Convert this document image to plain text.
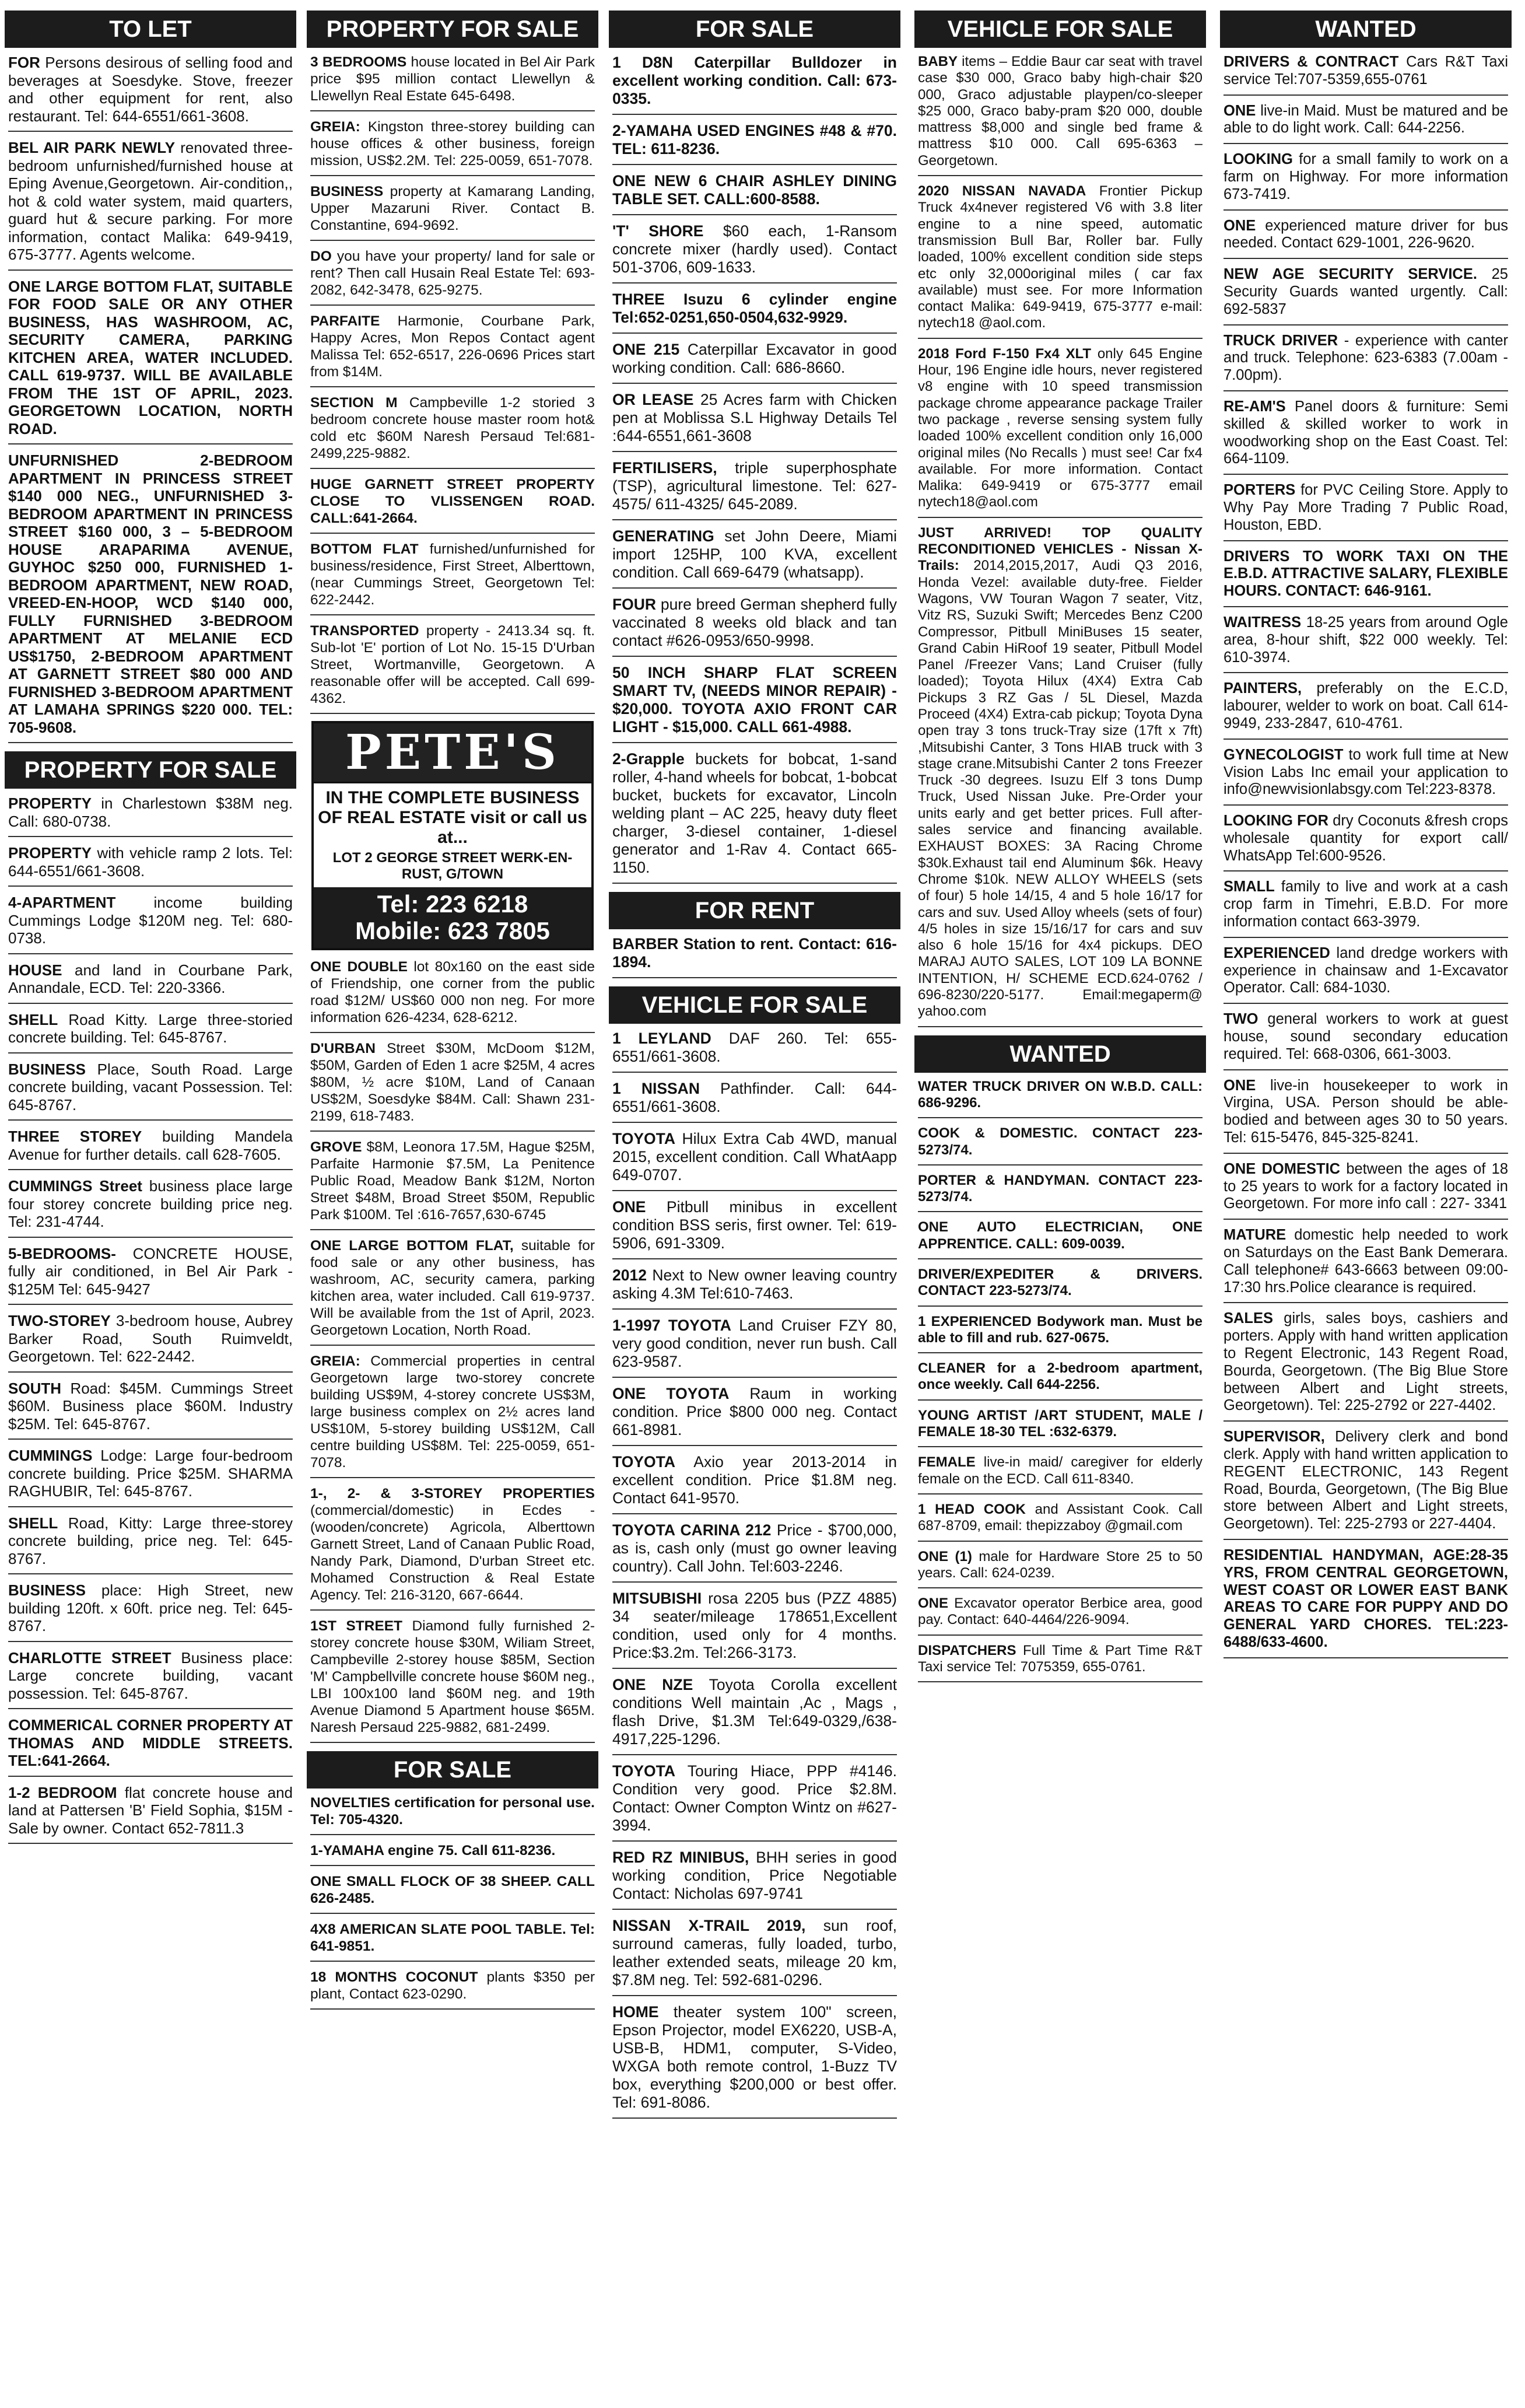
TO LET
FOR Persons desirous of selling food and beverages at Soesdyke. Stove, freezer and other equipment for rent, also restaurant. Tel: 644-6551/661-3608.
BEL AIR PARK NEWLY renovated three-bedroom unfurnished/furnished house at Eping Avenue,Georgetown. Air-condition,, hot & cold water system, maid quarters, guard hut & secure parking. For more information, contact Malika: 649-9419, 675-3777. Agents welcome.
ONE LARGE BOTTOM FLAT, SUITABLE FOR FOOD SALE OR ANY OTHER BUSINESS, HAS WASHROOM, AC, SECURITY CAMERA, PARKING KITCHEN AREA, WATER INCLUDED. CALL 619-9737. WILL BE AVAILABLE FROM THE 1ST OF APRIL, 2023. GEORGETOWN LOCATION, NORTH ROAD.
UNFURNISHED 2-BEDROOM APARTMENT IN PRINCESS STREET $140 000 NEG., UNFURNISHED 3-BEDROOM APARTMENT IN PRINCESS STREET $160 000, 3 – 5-BEDROOM HOUSE ARAPARIMA AVENUE, GUYHOC $250 000, FURNISHED 1-BEDROOM APARTMENT, NEW ROAD, VREED-EN-HOOP, WCD $140 000, FULLY FURNISHED 3-BEDROOM APARTMENT AT MELANIE ECD US$1750, 2-BEDROOM APARTMENT AT GARNETT STREET $80 000 AND FURNISHED 3-BEDROOM APARTMENT AT LAMAHA SPRINGS $220 000. TEL: 705-9608.
PROPERTY FOR SALE
PROPERTY in Charlestown $38M neg. Call: 680-0738.
PROPERTY with vehicle ramp 2 lots. Tel: 644-6551/661-3608.
4-APARTMENT	income building Cummings Lodge $120M neg. Tel: 680-0738.
HOUSE and land in Courbane Park, Annandale, ECD. Tel: 220-3366.
SHELL Road Kitty. Large three-storied concrete building. Tel: 645-8767.
BUSINESS Place, South Road. Large concrete building, vacant Possession. Tel: 645-8767.
THREE STOREY building Mandela Avenue for further details. call 628-7605.
CUMMINGS Street business place large four storey concrete building price neg. Tel: 231-4744.
5-BEDROOMS- CONCRETE HOUSE, fully air conditioned, in Bel Air Park - $125M Tel: 645-9427
TWO-STOREY 3-bedroom house, Aubrey Barker Road, South Ruimveldt, Georgetown. Tel: 622-2442.
SOUTH Road: $45M. Cummings Street $60M. Business place $60M. Industry $25M. Tel: 645-8767.
CUMMINGS Lodge: Large four-bedroom concrete building. Price $25M. SHARMA RAGHUBIR, Tel: 645-8767.
SHELL Road, Kitty: Large three-storey concrete building, price neg. Tel: 645-8767.
BUSINESS place: High Street, new building 120ft. x 60ft. price neg. Tel: 645-8767.
CHARLOTTE STREET Business place: Large concrete building, vacant possession. Tel: 645-8767.
COMMERICAL CORNER PROPERTY AT THOMAS AND MIDDLE STREETS. TEL:641-2664.
1-2 BEDROOM flat concrete house and land at Pattersen 'B' Field Sophia, $15M - Sale by owner. Contact 652-7811.3
PROPERTY FOR SALE
3 BEDROOMS house located in Bel Air Park price $95 million contact Llewellyn & Llewellyn Real Estate 645-6498.
GREIA: Kingston three-storey building can house offices & other business, foreign mission, US$2.2M. Tel: 225-0059, 651-7078.
BUSINESS property at Kamarang Landing, Upper Mazaruni River. Contact B. Constantine, 694-9692.
DO you have your property/ land for sale or rent? Then call Husain Real Estate Tel: 693-2082, 642-3478, 625-9275.
PARFAITE Harmonie, Courbane Park, Happy Acres, Mon Repos Contact agent Malissa Tel: 652-6517, 226-0696 Prices start from $14M.
SECTION M Campbeville 1-2 storied 3 bedroom concrete house master room hot& cold etc $60M Naresh Persaud Tel:681-2499,225-9882.
HUGE GARNETT STREET PROPERTY CLOSE TO VLISSENGEN ROAD. CALL:641-2664.
BOTTOM FLAT furnished/unfurnished for business/residence, First Street, Alberttown, (near Cummings Street, Georgetown Tel: 622-2442.
TRANSPORTED property - 2413.34 sq. ft. Sub-lot 'E' portion of Lot No. 15-15 D'Urban Street, Wortmanville, Georgetown. A reasonable offer will be accepted. Call 699-4362.
PETE'S
IN THE COMPLETE BUSINESS OF REAL ESTATE visit or call us at...
LOT 2 GEORGE STREET WERK-EN-RUST, G/TOWN
Tel: 223 6218
Mobile: 623 7805
ONE DOUBLE lot 80x160 on the east side of Friendship, one corner from the public road $12M/ US$60 000 non neg. For more information 626-4234, 628-6212.
D'URBAN Street $30M, McDoom $12M, $50M, Garden of Eden 1 acre $25M, 4 acres $80M, ½ acre $10M, Land of Canaan US$2M, Soesdyke $84M. Call: Shawn 231-2199, 618-7483.
GROVE $8M, Leonora 17.5M, Hague $25M, Parfaite Harmonie $7.5M, La Penitence Public Road, Meadow Bank $12M, Norton Street $48M, Broad Street $50M, Republic Park $100M. Tel :616-7657,630-6745
ONE LARGE BOTTOM FLAT, suitable for food sale or any other business, has washroom, AC, security camera, parking kitchen area, water included. Call 619-9737. Will be available from the 1st of April, 2023. Georgetown Location, North Road.
GREIA: Commercial properties in central Georgetown large two-storey concrete building US$9M, 4-storey concrete US$3M, large business complex on 2½ acres land US$10M, 5-storey building US$12M, Call centre building US$8M. Tel: 225-0059, 651-7078.
1-, 2- & 3-STOREY PROPERTIES (commercial/domestic) in Ecdes - (wooden/concrete) Agricola, Alberttown Garnett Street, Land of Canaan Public Road, Nandy Park, Diamond, D'urban Street etc. Mohamed Construction & Real Estate Agency. Tel: 216-3120, 667-6644.
1ST STREET Diamond fully furnished 2-storey concrete house $30M, Wiliam Street, Campbeville 2-storey house $85M, Section 'M' Campbellville concrete house $60M neg., LBI 100x100 land $60M neg. and 19th Avenue Diamond 5 Apartment house $65M. Naresh Persaud 225-9882, 681-2499.
FOR SALE
NOVELTIES certification for personal use. Tel: 705-4320.
1-YAMAHA engine 75. Call 611-8236.
ONE SMALL FLOCK OF 38 SHEEP. CALL 626-2485.
4X8 AMERICAN SLATE POOL TABLE. Tel: 641-9851.
18 MONTHS COCONUT plants $350 per plant, Contact 623-0290.
FOR SALE
1 D8N Caterpillar Bulldozer in excellent working condition. Call: 673-0335.
2-YAMAHA USED ENGINES #48 & #70. TEL: 611-8236.
ONE NEW 6 CHAIR ASHLEY DINING TABLE SET. CALL:600-8588.
'T' SHORE $60 each, 1-Ransom concrete mixer (hardly used). Contact 501-3706, 609-1633.
THREE Isuzu 6 cylinder engine Tel:652-0251,650-0504,632-9929.
ONE 215 Caterpillar Excavator in good working condition. Call: 686-8660.
OR LEASE 25 Acres farm with Chicken pen at Moblissa S.L Highway Details Tel :644-6551,661-3608
FERTILISERS, triple superphosphate (TSP), agricultural limestone. Tel: 627-4575/ 611-4325/ 645-2089.
GENERATING set John Deere, Miami import 125HP, 100 KVA, excellent condition. Call 669-6479 (whatsapp).
FOUR pure breed German shepherd fully vaccinated 8 weeks old black and tan contact #626-0953/650-9998.
50 INCH SHARP FLAT SCREEN SMART TV, (NEEDS MINOR REPAIR) - $20,000. TOYOTA AXIO FRONT CAR LIGHT - $15,000. CALL 661-4988.
2-Grapple buckets for bobcat, 1-sand roller, 4-hand wheels for bobcat, 1-bobcat bucket, buckets for excavator, Lincoln welding plant – AC 225, heavy duty fleet charger, 3-diesel container, 1-diesel generator and 1-Rav 4. Contact 665-1150.
FOR RENT
BARBER Station to rent. Contact: 616-1894.
VEHICLE FOR SALE
1 LEYLAND DAF 260. Tel: 655-6551/661-3608.
1 NISSAN Pathfinder. Call: 644-6551/661-3608.
TOYOTA Hilux Extra Cab 4WD, manual 2015, excellent condition. Call WhatAapp 649-0707.
ONE Pitbull minibus in excellent condition BSS seris, first owner. Tel: 619-5906, 691-3309.
2012 Next to New owner leaving country asking 4.3M Tel:610-7463.
1-1997 TOYOTA Land Cruiser FZY 80, very good condition, never run bush. Call 623-9587.
ONE TOYOTA Raum in working condition. Price $800 000 neg. Contact 661-8981.
TOYOTA Axio year 2013-2014 in excellent condition. Price $1.8M neg. Contact 641-9570.
TOYOTA CARINA 212 Price - $700,000, as is, cash only (must go owner leaving country). Call John. Tel:603-2246.
MITSUBISHI rosa 2205 bus (PZZ 4885) 34 seater/mileage 178651,Excellent condition, used only for 4 months. Price:$3.2m. Tel:266-3173.
ONE NZE Toyota Corolla excellent conditions Well maintain ,Ac , Mags , flash Drive, $1.3M Tel:649-0329,/638-4917,225-1296.
TOYOTA Touring Hiace, PPP #4146. Condition very good. Price $2.8M. Contact: Owner Compton Wintz on #627-3994.
RED RZ MINIBUS, BHH series in good working condition, Price Negotiable Contact: Nicholas 697-9741
NISSAN X-TRAIL 2019, sun roof, surround cameras, fully loaded, turbo, leather extended seats, mileage 20 km, $7.8M neg. Tel: 592-681-0296.
HOME theater system 100" screen, Epson Projector, model EX6220, USB-A, USB-B, HDM1, computer, S-Video, WXGA both remote control, 1-Buzz TV box, everything $200,000 or best offer. Tel: 691-8086.
VEHICLE FOR SALE
BABY items – Eddie Baur car seat with travel case $30 000, Graco baby high-chair $20 000, Graco adjustable playpen/co-sleeper $25 000, Graco baby-pram $20 000, double mattress $8,000 and single bed frame & mattress $10 000. Call 695-6363 – Georgetown.
2020 NISSAN NAVADA Frontier Pickup Truck 4x4never registered V6 with 3.8 liter engine to a nine speed, automatic transmission Bull Bar, Roller bar. Fully loaded, 100% excellent condition side steps etc only 32,000original miles ( car fax available) must see. For more Information contact Malika: 649-9419, 675-3777 e-mail: nytech18 @aol.com.
2018 Ford F-150 Fx4 XLT only 645 Engine Hour, 196 Engine idle hours, never registered v8 engine with 10 speed transmission package chrome appearance package Trailer two package , reverse sensing system fully loaded 100% excellent condition only 16,000 original miles (No Recalls ) must see! Car fx4 available. For more information. Contact Malika: 649-9419 or 675-3777 email nytech18@aol.com
JUST ARRIVED! TOP QUALITY RECONDITIONED VEHICLES - Nissan X-Trails: 2014,2015,2017, Audi Q3 2016, Honda Vezel: available duty-free. Fielder Wagons, VW Touran Wagon 7 seater, Vitz, Vitz RS, Suzuki Swift; Mercedes Benz C200 Compressor, Pitbull MiniBuses 15 seater, Grand Cabin HiRoof 19 seater, Pitbull Model Panel /Freezer Vans; Land Cruiser (fully loaded); Toyota Hilux (4X4) Extra Cab Pickups 3 RZ Gas / 5L Diesel, Mazda Proceed (4X4) Extra-cab pickup; Toyota Dyna open tray 3 tons truck-Tray size (17ft x 7ft) ,Mitsubishi Canter, 3 Tons HIAB truck with 3 stage crane.Mitsubishi Canter 2 tons Freezer Truck -30 degrees. Isuzu Elf 3 tons Dump Truck, Used Nissan Juke. Pre-Order your units early and get better prices. Full after-sales service and financing available. EXHAUST BOXES: 3A Racing Chrome $30k.Exhaust tail end Aluminum $6k. Heavy Chrome $10k. NEW ALLOY WHEELS (sets of four) 5 hole 14/15, 4 and 5 hole 16/17 for cars and suv. Used Alloy wheels (sets of four) 4/5 holes in size 15/16/17 for cars and suv also 6 hole 15/16 for 4x4 pickups. DEO MARAJ AUTO SALES, LOT 109 LA BONNE INTENTION, H/ SCHEME ECD.624-0762 / 696-8230/220-5177. Email:megaperm@ yahoo.com
WANTED
WATER TRUCK DRIVER ON W.B.D. CALL: 686-9296.
COOK & DOMESTIC. CONTACT 223-5273/74.
PORTER & HANDYMAN. CONTACT 223-5273/74.
ONE AUTO ELECTRICIAN, ONE APPRENTICE. CALL: 609-0039.
DRIVER/EXPEDITER & DRIVERS. CONTACT 223-5273/74.
1 EXPERIENCED Bodywork man. Must be able to fill and rub. 627-0675.
CLEANER for a 2-bedroom apartment, once weekly. Call 644-2256.
YOUNG ARTIST /ART STUDENT, MALE / FEMALE 18-30 TEL :632-6379.
FEMALE live-in maid/ caregiver for elderly female on the ECD. Call 611-8340.
1 HEAD COOK and Assistant Cook. Call 687-8709, email: thepizzaboy @gmail.com
ONE (1) male for Hardware Store 25 to 50 years. Call: 624-0239.
ONE Excavator operator Berbice area, good pay. Contact: 640-4464/226-9094.
DISPATCHERS Full Time & Part Time R&T Taxi service Tel: 7075359, 655-0761.
WANTED
DRIVERS & CONTRACT Cars R&T Taxi service Tel:707-5359,655-0761
ONE live-in Maid. Must be matured and be able to do light work. Call: 644-2256.
LOOKING for a small family to work on a farm on Highway. For more information 673-7419.
ONE experienced mature driver for bus needed. Contact 629-1001, 226-9620.
NEW AGE SECURITY SERVICE. 25 Security Guards wanted urgently. Call: 692-5837
TRUCK DRIVER - experience with canter and truck. Telephone: 623-6383 (7.00am - 7.00pm).
RE-AM'S Panel doors & furniture: Semi skilled & skilled worker to work in woodworking shop on the East Coast. Tel: 664-1109.
PORTERS for PVC Ceiling Store. Apply to Why Pay More Trading 7 Public Road, Houston, EBD.
DRIVERS TO WORK TAXI ON THE E.B.D. ATTRACTIVE SALARY, FLEXIBLE HOURS. CONTACT: 646-9161.
WAITRESS 18-25 years from around Ogle area, 8-hour shift, $22 000 weekly. Tel: 610-3974.
PAINTERS, preferably on the E.C.D, labourer, welder to work on boat. Call 614-9949, 233-2847, 610-4761.
GYNECOLOGIST to work full time at New Vision Labs Inc email your application to info@newvisionlabsgy.com Tel:223-8378.
LOOKING FOR dry Coconuts &fresh crops wholesale quantity for export call/ WhatsApp Tel:600-9526.
SMALL family to live and work at a cash crop farm in Timehri, E.B.D. For more information contact 663-3979.
EXPERIENCED land dredge workers with experience in chainsaw and 1-Excavator Operator. Call: 684-1030.
TWO general workers to work at guest house, sound secondary education required. Tel: 668-0306, 661-3003.
ONE live-in housekeeper to work in Virgina, USA. Person should be able-bodied and between ages 30 to 50 years. Tel: 615-5476, 845-325-8241.
ONE DOMESTIC between the ages of 18 to 25 years to work for a factory located in Georgetown. For more info call : 227- 3341
MATURE domestic help needed to work on Saturdays on the East Bank Demerara. Call telephone# 643-6663 between 09:00- 17:30 hrs.Police clearance is required.
SALES girls, sales boys, cashiers and porters. Apply with hand written application to Regent Electronic, 143 Regent Road, Bourda, Georgetown. (The Big Blue Store between Albert and Light streets, Georgetown). Tel: 225-2792 or 227-4402.
SUPERVISOR, Delivery clerk and bond clerk. Apply with hand written application to REGENT ELECTRONIC, 143 Regent Road, Bourda, Georgetown, (The Big Blue store between Albert and Light streets, Georgetown). Tel: 225-2793 or 227-4404.
RESIDENTIAL HANDYMAN, AGE:28-35 YRS, FROM CENTRAL GEORGETOWN, WEST COAST OR LOWER EAST BANK AREAS TO CARE FOR PUPPY AND DO GENERAL YARD CHORES. TEL:223-6488/633-4600.
